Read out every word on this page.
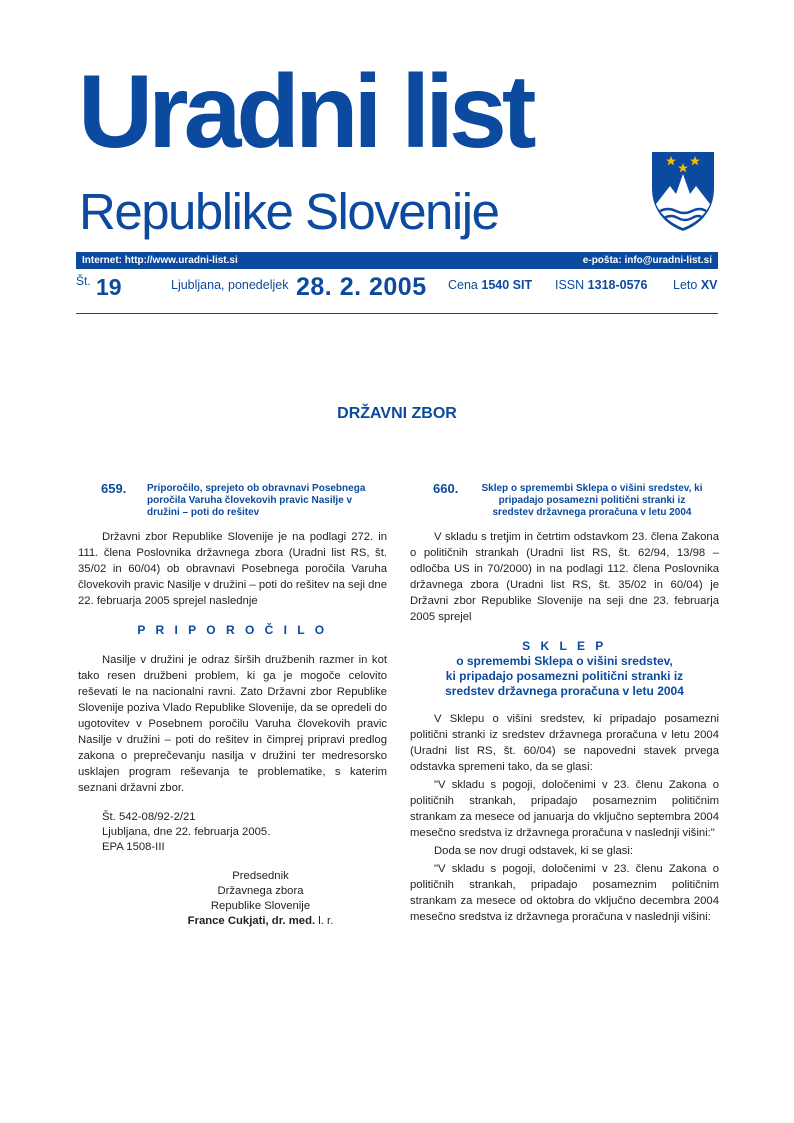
Uradni list
Republike Slovenije
Internet: http://www.uradni-list.si	e-pošta: info@uradni-list.si
Št. 19	Ljubljana, ponedeljek 28. 2. 2005 Cena 1540 SIT ISSN 1318-0576 Leto XV
DRŽAVNI ZBOR
659. Priporočilo, sprejeto ob obravnavi Posebnega poročila Varuha človekovih pravic Nasilje v družini – poti do rešitev

Državni zbor Republike Slovenije je na podlagi 272. in 111. člena Poslovnika državnega zbora (Uradni list RS, št. 35/02 in 60/04) ob obravnavi Posebnega poročila Varuha človekovih pravic Nasilje v družini – poti do rešitev na seji dne 22. februarja 2005 sprejel naslednje

P R I P O R O Č I L O

Nasilje v družini je odraz širših družbenih razmer in kot tako resen družbeni problem, ki ga je mogoče celovito reševati le na nacionalni ravni. Zato Državni zbor Republike Slovenije poziva Vlado Republike Slovenije, da se opredeli do ugotovitev v Posebnem poročilu Varuha človekovih pravic Nasilje v družini – poti do rešitev in čimprej pripravi predlog zakona o preprečevanju nasilja v družini ter medresorsko usklajen program reševanja te problematike, s katerim seznani državni zbor.

Št. 542-08/92-2/21

Ljubljana, dne 22. februarja 2005.

EPA 1508-III

Predsednik

Državnega zbora

Republike Slovenije

France Cukjati, dr. med. l. r.

660. Sklep o spremembi Sklepa o višini sredstev, ki pripadajo posamezni politični stranki iz sredstev državnega proračuna v letu 2004

V skladu s tretjim in četrtim odstavkom 23. člena Zakona o političnih strankah (Uradni list RS, št. 62/94, 13/98 – odločba US in 70/2000) in na podlagi 112. člena Poslovnika državnega zbora (Uradni list RS, št. 35/02 in 60/04) je Državni zbor Republike Slovenije na seji dne 23. februarja 2005 sprejel

S K L E P

o spremembi Sklepa o višini sredstev,

ki pripadajo posamezni politični stranki iz

sredstev državnega proračuna v letu 2004

V Sklepu o višini sredstev, ki pripadajo posamezni politični stranki iz sredstev državnega proračuna v letu 2004 (Uradni list RS, št. 60/04) se napovedni stavek prvega odstavka spremeni tako, da se glasi:

"V skladu s pogoji, določenimi v 23. členu Zakona o političnih strankah, pripadajo posameznim političnim strankam za mesece od januarja do vključno septembra 2004 mesečno sredstva iz državnega proračuna v naslednji višini:"

Doda se nov drugi odstavek, ki se glasi:

"V skladu s pogoji, določenimi v 23. členu Zakona o političnih strankah, pripadajo posameznim političnim strankam za mesece od oktobra do vključno decembra 2004 mesečno sredstva iz državnega proračuna v naslednji višini:
